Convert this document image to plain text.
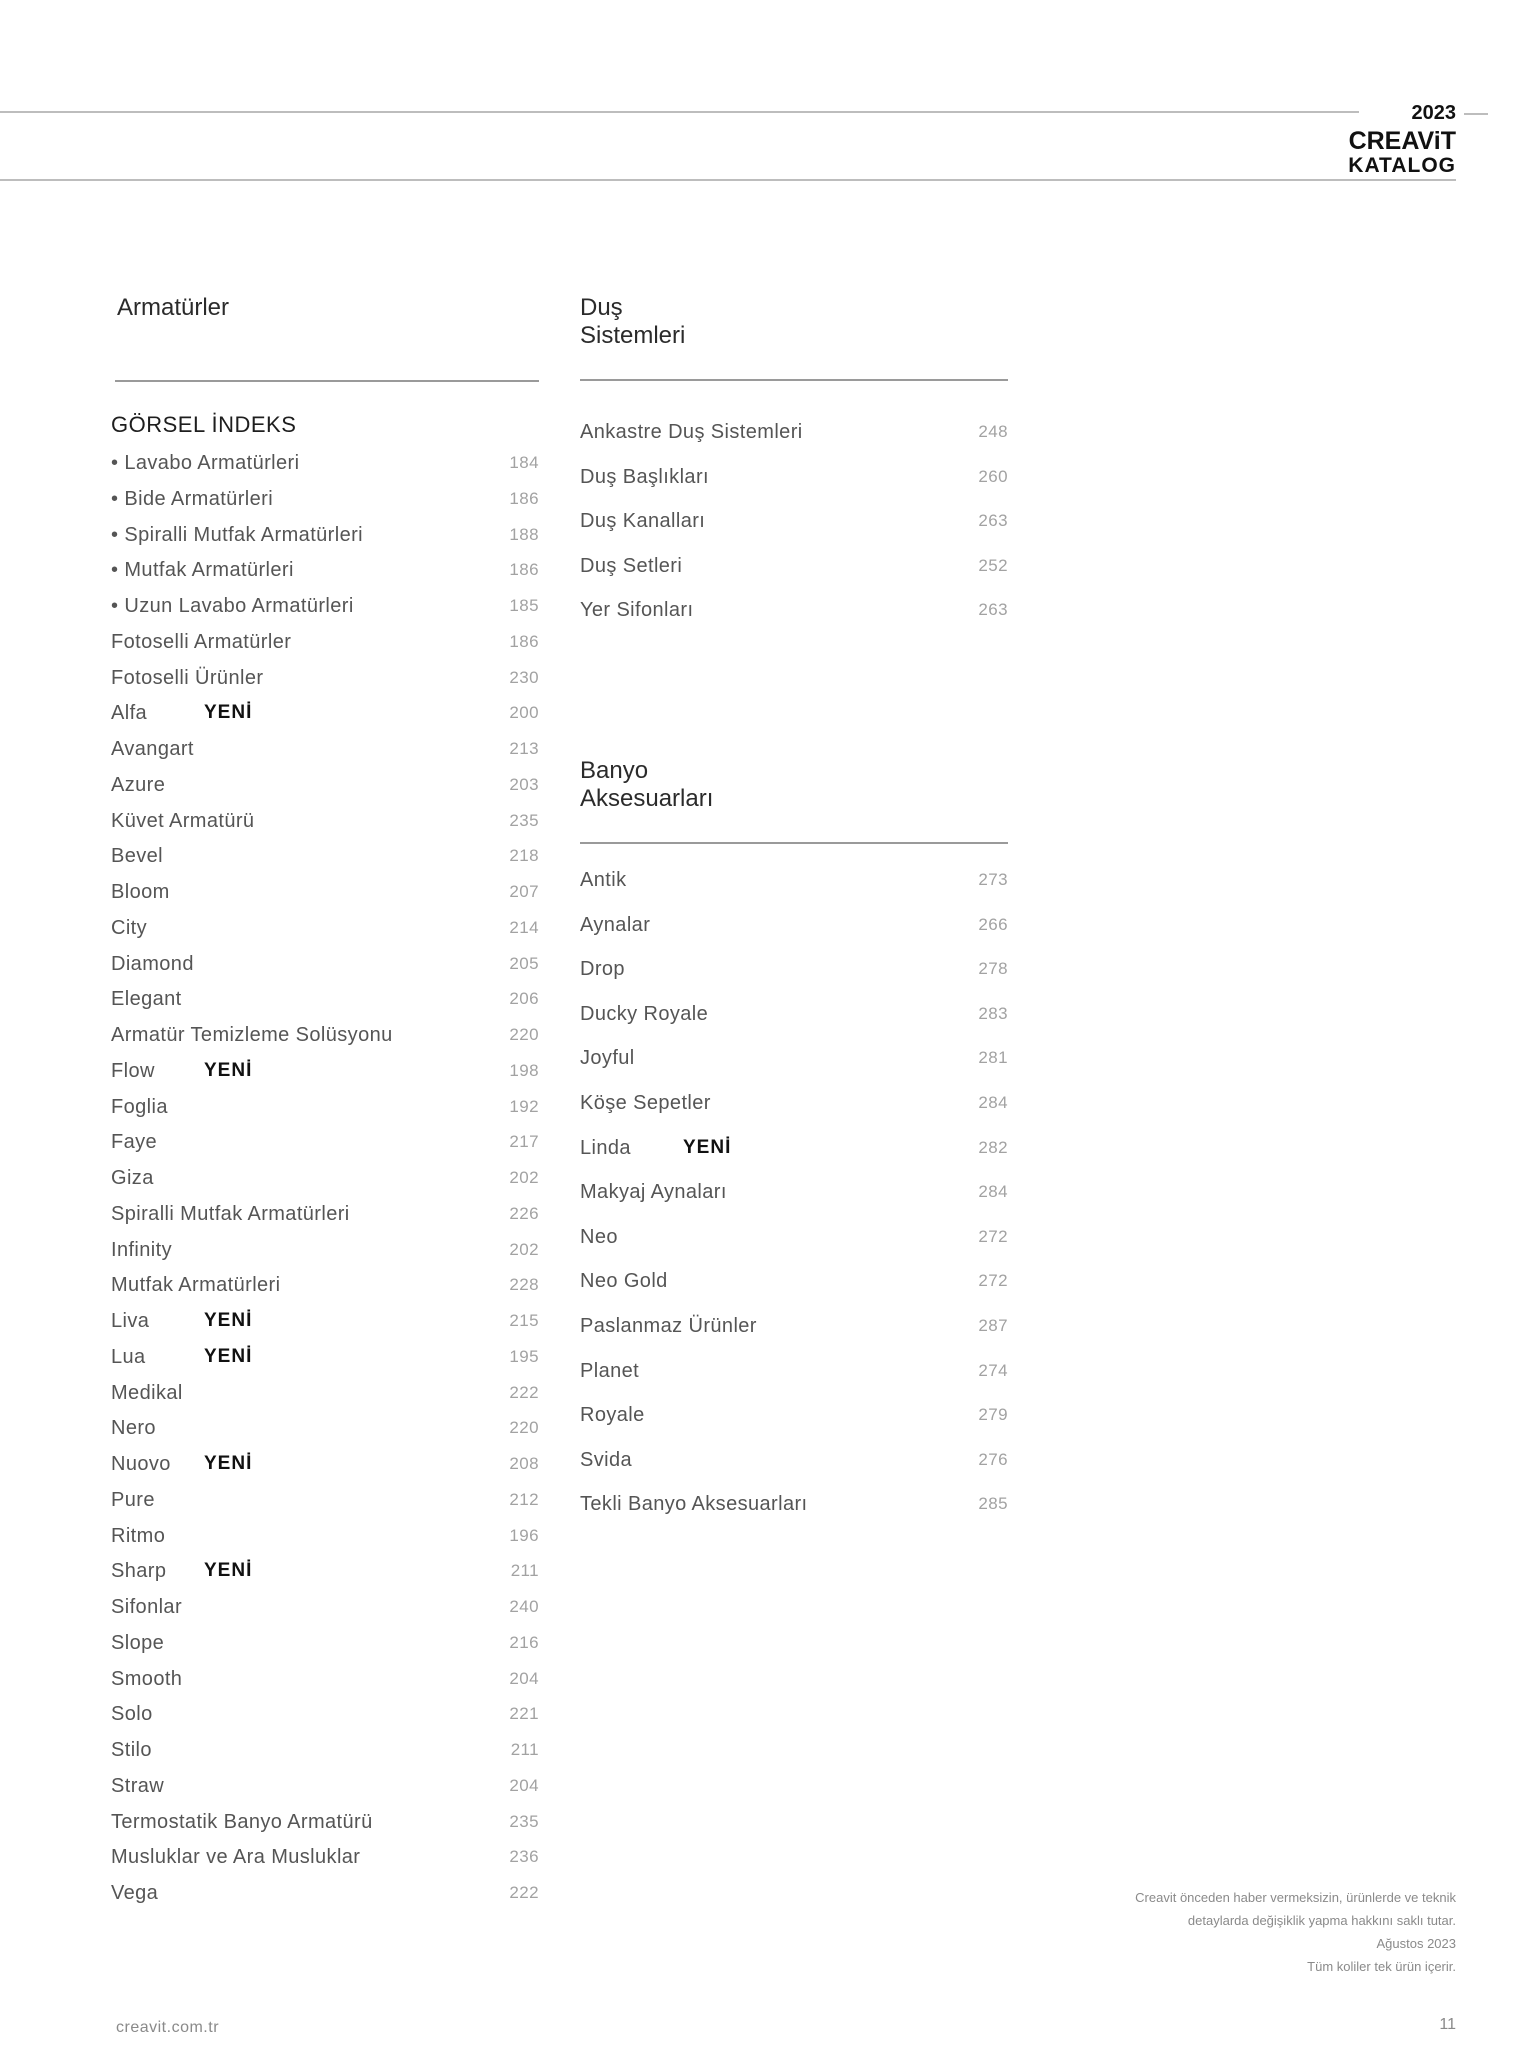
2023
CREAViT
KATALOG
Armatürler
GÖRSEL İNDEKS
• Lavabo Armatürleri	184
• Bide Armatürleri	186
• Spiralli Mutfak Armatürleri	188
• Mutfak Armatürleri	186
• Uzun Lavabo Armatürleri	185
Fotoselli Armatürler	186
Fotoselli Ürünler	230
Alfa	YENİ	200
Avangart	213
Azure	203
Küvet Armatürü	235
Bevel	218
Bloom	207
City	214
Diamond	205
Elegant	206
Armatür Temizleme Solüsyonu	220
Flow	YENİ	198
Foglia	192
Faye	217
Giza	202
Spiralli Mutfak Armatürleri	226
Infinity	202
Mutfak Armatürleri	228
Liva	YENİ	215
Lua	YENİ	195
Medikal	222
Nero	220
Nuovo YENİ	208
Pure	212
Ritmo	196
Sharp YENİ	211
Sifonlar	240
Slope	216
Smooth	204
Solo	221
Stilo	211
Straw	204
Termostatik Banyo Armatürü	235
Musluklar ve Ara Musluklar	236
Vega	222
Duş
Sistemleri
Ankastre Duş Sistemleri	248
Duş Başlıkları	260
Duş Kanalları	263
Duş Setleri	252
Yer Sifonları	263
Banyo
Aksesuarları
Antik	273
Aynalar	266
Drop	278
Ducky Royale	283
Joyful	281
Köşe Sepetler	284
Linda	YENİ	282
Makyaj Aynaları	284
Neo	272
Neo Gold	272
Paslanmaz Ürünler	287
Planet	274
Royale	279
Svida	276
Tekli Banyo Aksesuarları	285
Creavit önceden haber vermeksizin, ürünlerde ve teknik
detaylarda değişiklik yapma hakkını saklı tutar.
Ağustos 2023
Tüm koliler tek ürün içerir.
creavit.com.tr	11
